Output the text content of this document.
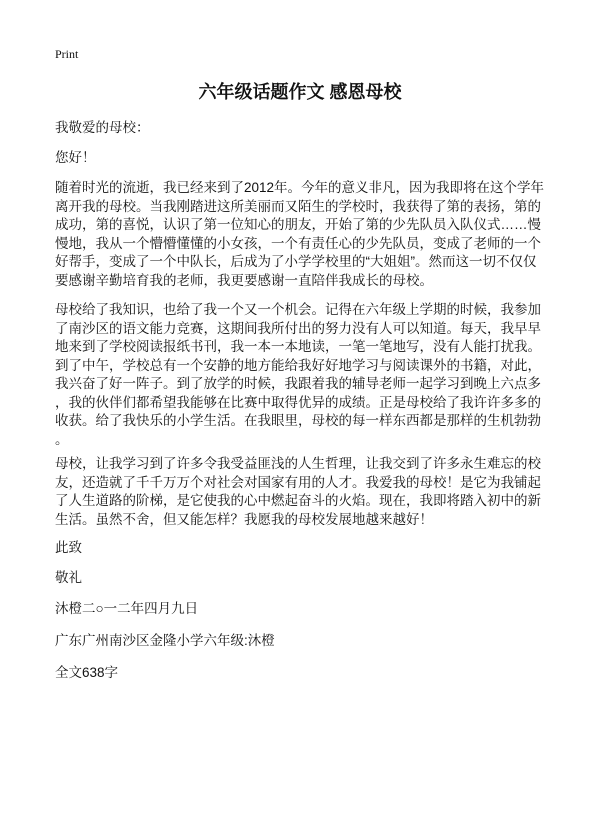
Print
六年级话题作文 感恩母校
我敬爱的母校：
您好！
随着时光的流逝，我已经来到了2012年。今年的意义非凡，因为我即将在这个学年
离开我的母校。当我刚踏进这所美丽而又陌生的学校时，我获得了第的表扬，第的
成功，第的喜悦，认识了第一位知心的朋友，开始了第的少先队员入队仪式……慢
慢地，我从一个懵懵懂懂的小女孩，一个有责任心的少先队员，变成了老师的一个
好帮手，变成了一个中队长，后成为了小学学校里的“大姐姐”。然而这一切不仅仅
要感谢辛勤培育我的老师，我更要感谢一直陪伴我成长的母校。
母校给了我知识，也给了我一个又一个机会。记得在六年级上学期的时候，我参加
了南沙区的语文能力竞赛，这期间我所付出的努力没有人可以知道。每天，我早早
地来到了学校阅读报纸书刊，我一本一本地读，一笔一笔地写，没有人能打扰我。
到了中午，学校总有一个安静的地方能给我好好地学习与阅读课外的书籍，对此，
我兴奋了好一阵子。到了放学的时候，我跟着我的辅导老师一起学习到晚上六点多
，我的伙伴们都希望我能够在比赛中取得优异的成绩。正是母校给了我许许多多的
收获。给了我快乐的小学生活。在我眼里，母校的每一样东西都是那样的生机勃勃
。
母校，让我学习到了许多令我受益匪浅的人生哲理，让我交到了许多永生难忘的校
友，还造就了千千万万个对社会对国家有用的人才。我爱我的母校！是它为我铺起
了人生道路的阶梯，是它使我的心中燃起奋斗的火焰。现在，我即将踏入初中的新
生活。虽然不舍，但又能怎样？我愿我的母校发展地越来越好！
此致
敬礼
沐橙二○一二年四月九日
广东广州南沙区金隆小学六年级:沐橙
全文638字
